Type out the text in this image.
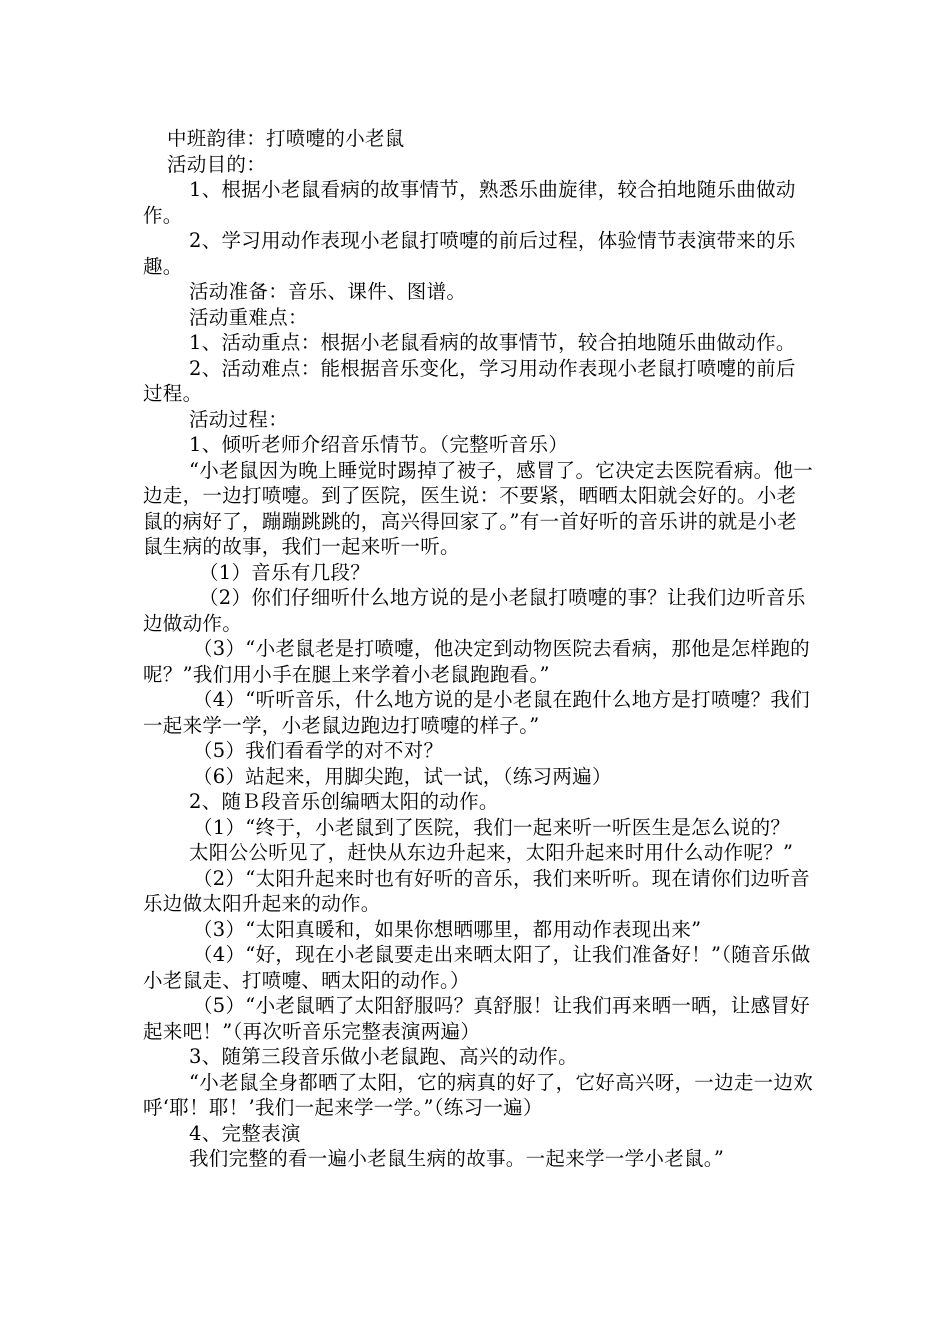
中班韵律：打喷嚏的小老鼠

活动目的：

1、根据小老鼠看病的故事情节，熟悉乐曲旋律，较合拍地随乐曲做动作。

2、学习用动作表现小老鼠打喷嚏的前后过程，体验情节表演带来的乐趣。

活动准备：音乐、课件、图谱。

活动重难点：

1、活动重点：根据小老鼠看病的故事情节，较合拍地随乐曲做动作。

2、活动难点：能根据音乐变化，学习用动作表现小老鼠打喷嚏的前后过程。

活动过程：

1、倾听老师介绍音乐情节。（完整听音乐）

“小老鼠因为晚上睡觉时踢掉了被子，感冒了。它决定去医院看病。他一边走，一边打喷嚏。到了医院，医生说：不要紧，晒晒太阳就会好的。小老鼠的病好了，蹦蹦跳跳的，高兴得回家了。”有一首好听的音乐讲的就是小老鼠生病的故事，我们一起来听一听。

（1）音乐有几段？

（2）你们仔细听什么地方说的是小老鼠打喷嚏的事？让我们边听音乐边做动作。

（3）“小老鼠老是打喷嚏，他决定到动物医院去看病，那他是怎样跑的呢？”我们用小手在腿上来学着小老鼠跑跑看。”

（4）“听听音乐，什么地方说的是小老鼠在跑什么地方是打喷嚏？我们一起来学一学，小老鼠边跑边打喷嚏的样子。”

（5）我们看看学的对不对？

（6）站起来，用脚尖跑，试一试，（练习两遍）

2、随Ｂ段音乐创编晒太阳的动作。

（1）“终于，小老鼠到了医院，我们一起来听一听医生是怎么说的？

太阳公公听见了，赶快从东边升起来，太阳升起来时用什么动作呢？”

（2）“太阳升起来时也有好听的音乐，我们来听听。现在请你们边听音乐边做太阳升起来的动作。

（3）“太阳真暖和，如果你想晒哪里，都用动作表现出来”

（4）“好，现在小老鼠要走出来晒太阳了，让我们准备好！”（随音乐做小老鼠走、打喷嚏、晒太阳的动作。）

（5）“小老鼠晒了太阳舒服吗？真舒服！让我们再来晒一晒，让感冒好起来吧！”（再次听音乐完整表演两遍）

3、随第三段音乐做小老鼠跑、高兴的动作。

“小老鼠全身都晒了太阳，它的病真的好了，它好高兴呀，一边走一边欢呼‘耶！耶！’我们一起来学一学。”（练习一遍）

4、完整表演

我们完整的看一遍小老鼠生病的故事。一起来学一学小老鼠。”
